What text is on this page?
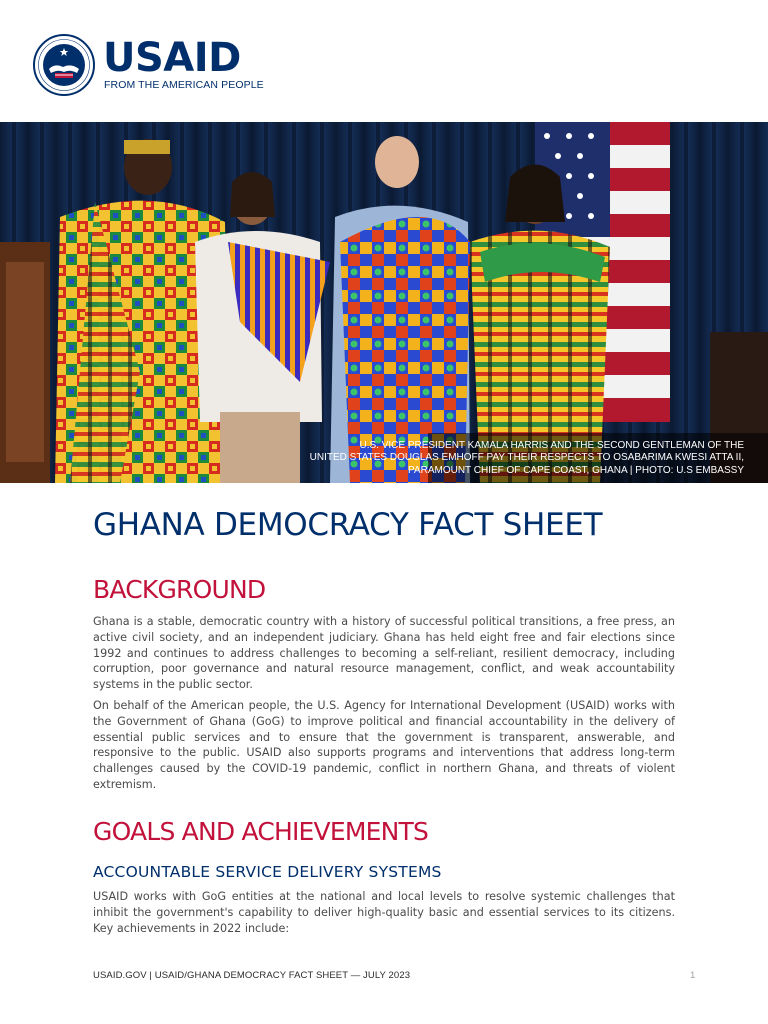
USAID
FROM THE AMERICAN PEOPLE
U.S. VICE PRESIDENT KAMALA HARRIS AND THE SECOND GENTLEMAN OF THE
UNITED STATES DOUGLAS EMHOFF PAY THEIR RESPECTS TO OSABARIMA KWESI ATTA II,
PARAMOUNT CHIEF OF CAPE COAST, GHANA | PHOTO: U.S EMBASSY
GHANA DEMOCRACY FACT SHEET
BACKGROUND

Ghana is a stable, democratic country with a history of successful political transitions, a free press, an active civil society, and an independent judiciary. Ghana has held eight free and fair elections since 1992 and continues to address challenges to becoming a self-reliant, resilient democracy, including corruption, poor governance and natural resource management, conflict, and weak accountability systems in the public sector.

On behalf of the American people, the U.S. Agency for International Development (USAID) works with the Government of Ghana (GoG) to improve political and financial accountability in the delivery of essential public services and to ensure that the government is transparent, answerable, and responsive to the public. USAID also supports programs and interventions that address long-term challenges caused by the COVID-19 pandemic, conflict in northern Ghana, and threats of violent extremism.

GOALS AND ACHIEVEMENTS
ACCOUNTABLE SERVICE DELIVERY SYSTEMS

USAID works with GoG entities at the national and local levels to resolve systemic challenges that inhibit the government's capability to deliver high-quality basic and essential services to its citizens. Key achievements in 2022 include:

USAID.GOV | USAID/GHANA DEMOCRACY FACT SHEET — JULY 2023	1
